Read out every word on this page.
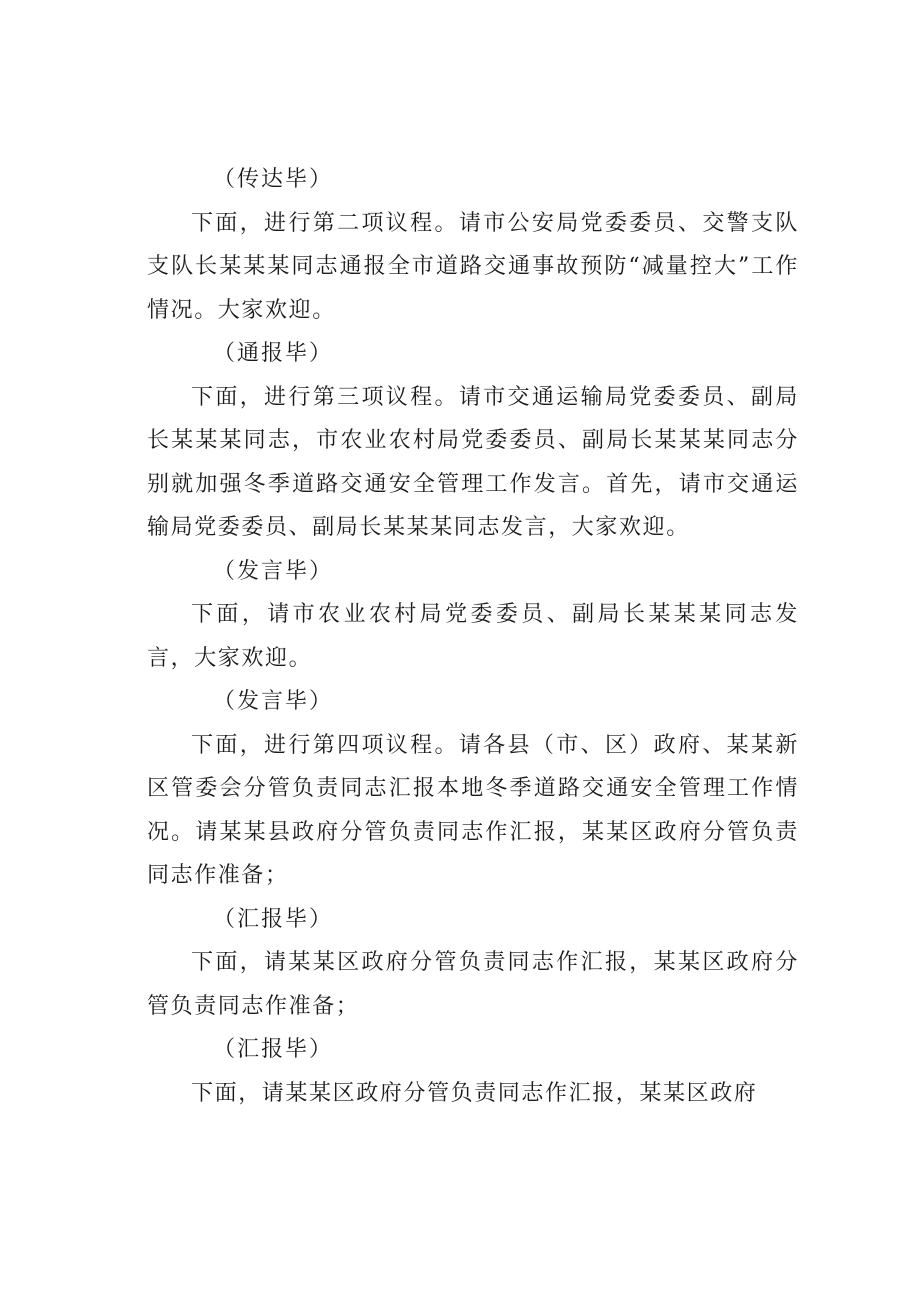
（传达毕）

下面，进行第二项议程。请市公安局党委委员、交警支队支队长某某某同志通报全市道路交通事故预防“减量控大”工作情况。大家欢迎。

（通报毕）

下面，进行第三项议程。请市交通运输局党委委员、副局长某某某同志，市农业农村局党委委员、副局长某某某同志分别就加强冬季道路交通安全管理工作发言。首先，请市交通运输局党委委员、副局长某某某同志发言，大家欢迎。

（发言毕）

下面，请市农业农村局党委委员、副局长某某某同志发言，大家欢迎。

（发言毕）

下面，进行第四项议程。请各县（市、区）政府、某某新区管委会分管负责同志汇报本地冬季道路交通安全管理工作情况。请某某县政府分管负责同志作汇报，某某区政府分管负责同志作准备；

（汇报毕）

下面，请某某区政府分管负责同志作汇报，某某区政府分管负责同志作准备；

（汇报毕）

下面，请某某区政府分管负责同志作汇报，某某区政府
